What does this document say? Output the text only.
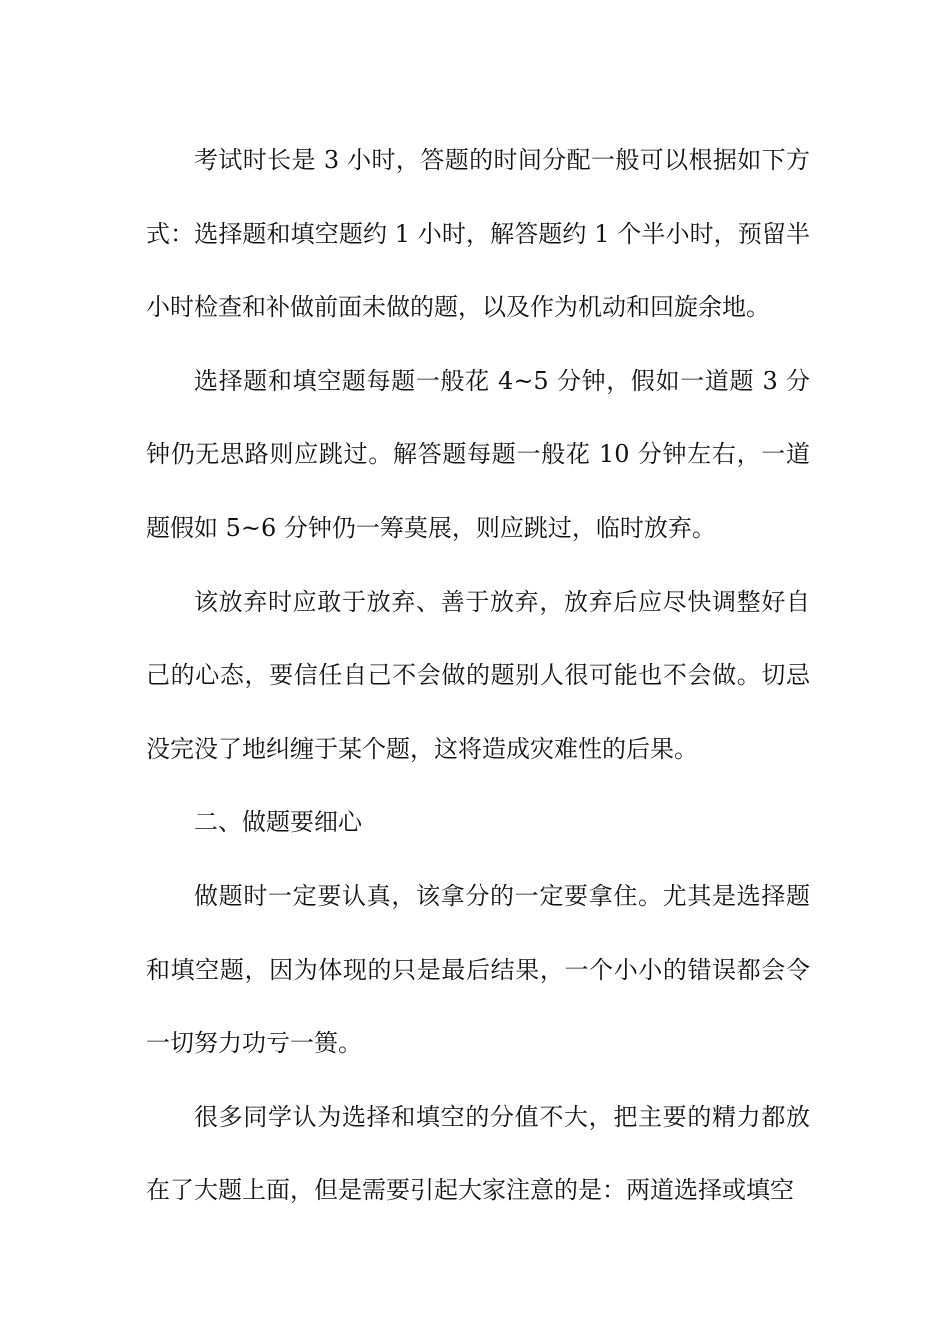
考试时长是 3 小时，答题的时间分配一般可以根据如下方式：选择题和填空题约 1 小时，解答题约 1 个半小时，预留半小时检查和补做前面未做的题，以及作为机动和回旋余地。

选择题和填空题每题一般花 4~5 分钟，假如一道题 3 分钟仍无思路则应跳过。解答题每题一般花 10 分钟左右，一道题假如 5~6 分钟仍一筹莫展，则应跳过，临时放弃。

该放弃时应敢于放弃、善于放弃，放弃后应尽快调整好自己的心态，要信任自己不会做的题别人很可能也不会做。切忌没完没了地纠缠于某个题，这将造成灾难性的后果。

二、做题要细心

做题时一定要认真，该拿分的一定要拿住。尤其是选择题和填空题，因为体现的只是最后结果，一个小小的错误都会令一切努力功亏一篑。

很多同学认为选择和填空的分值不大，把主要的精力都放在了大题上面，但是需要引起大家注意的是：两道选择或填空
